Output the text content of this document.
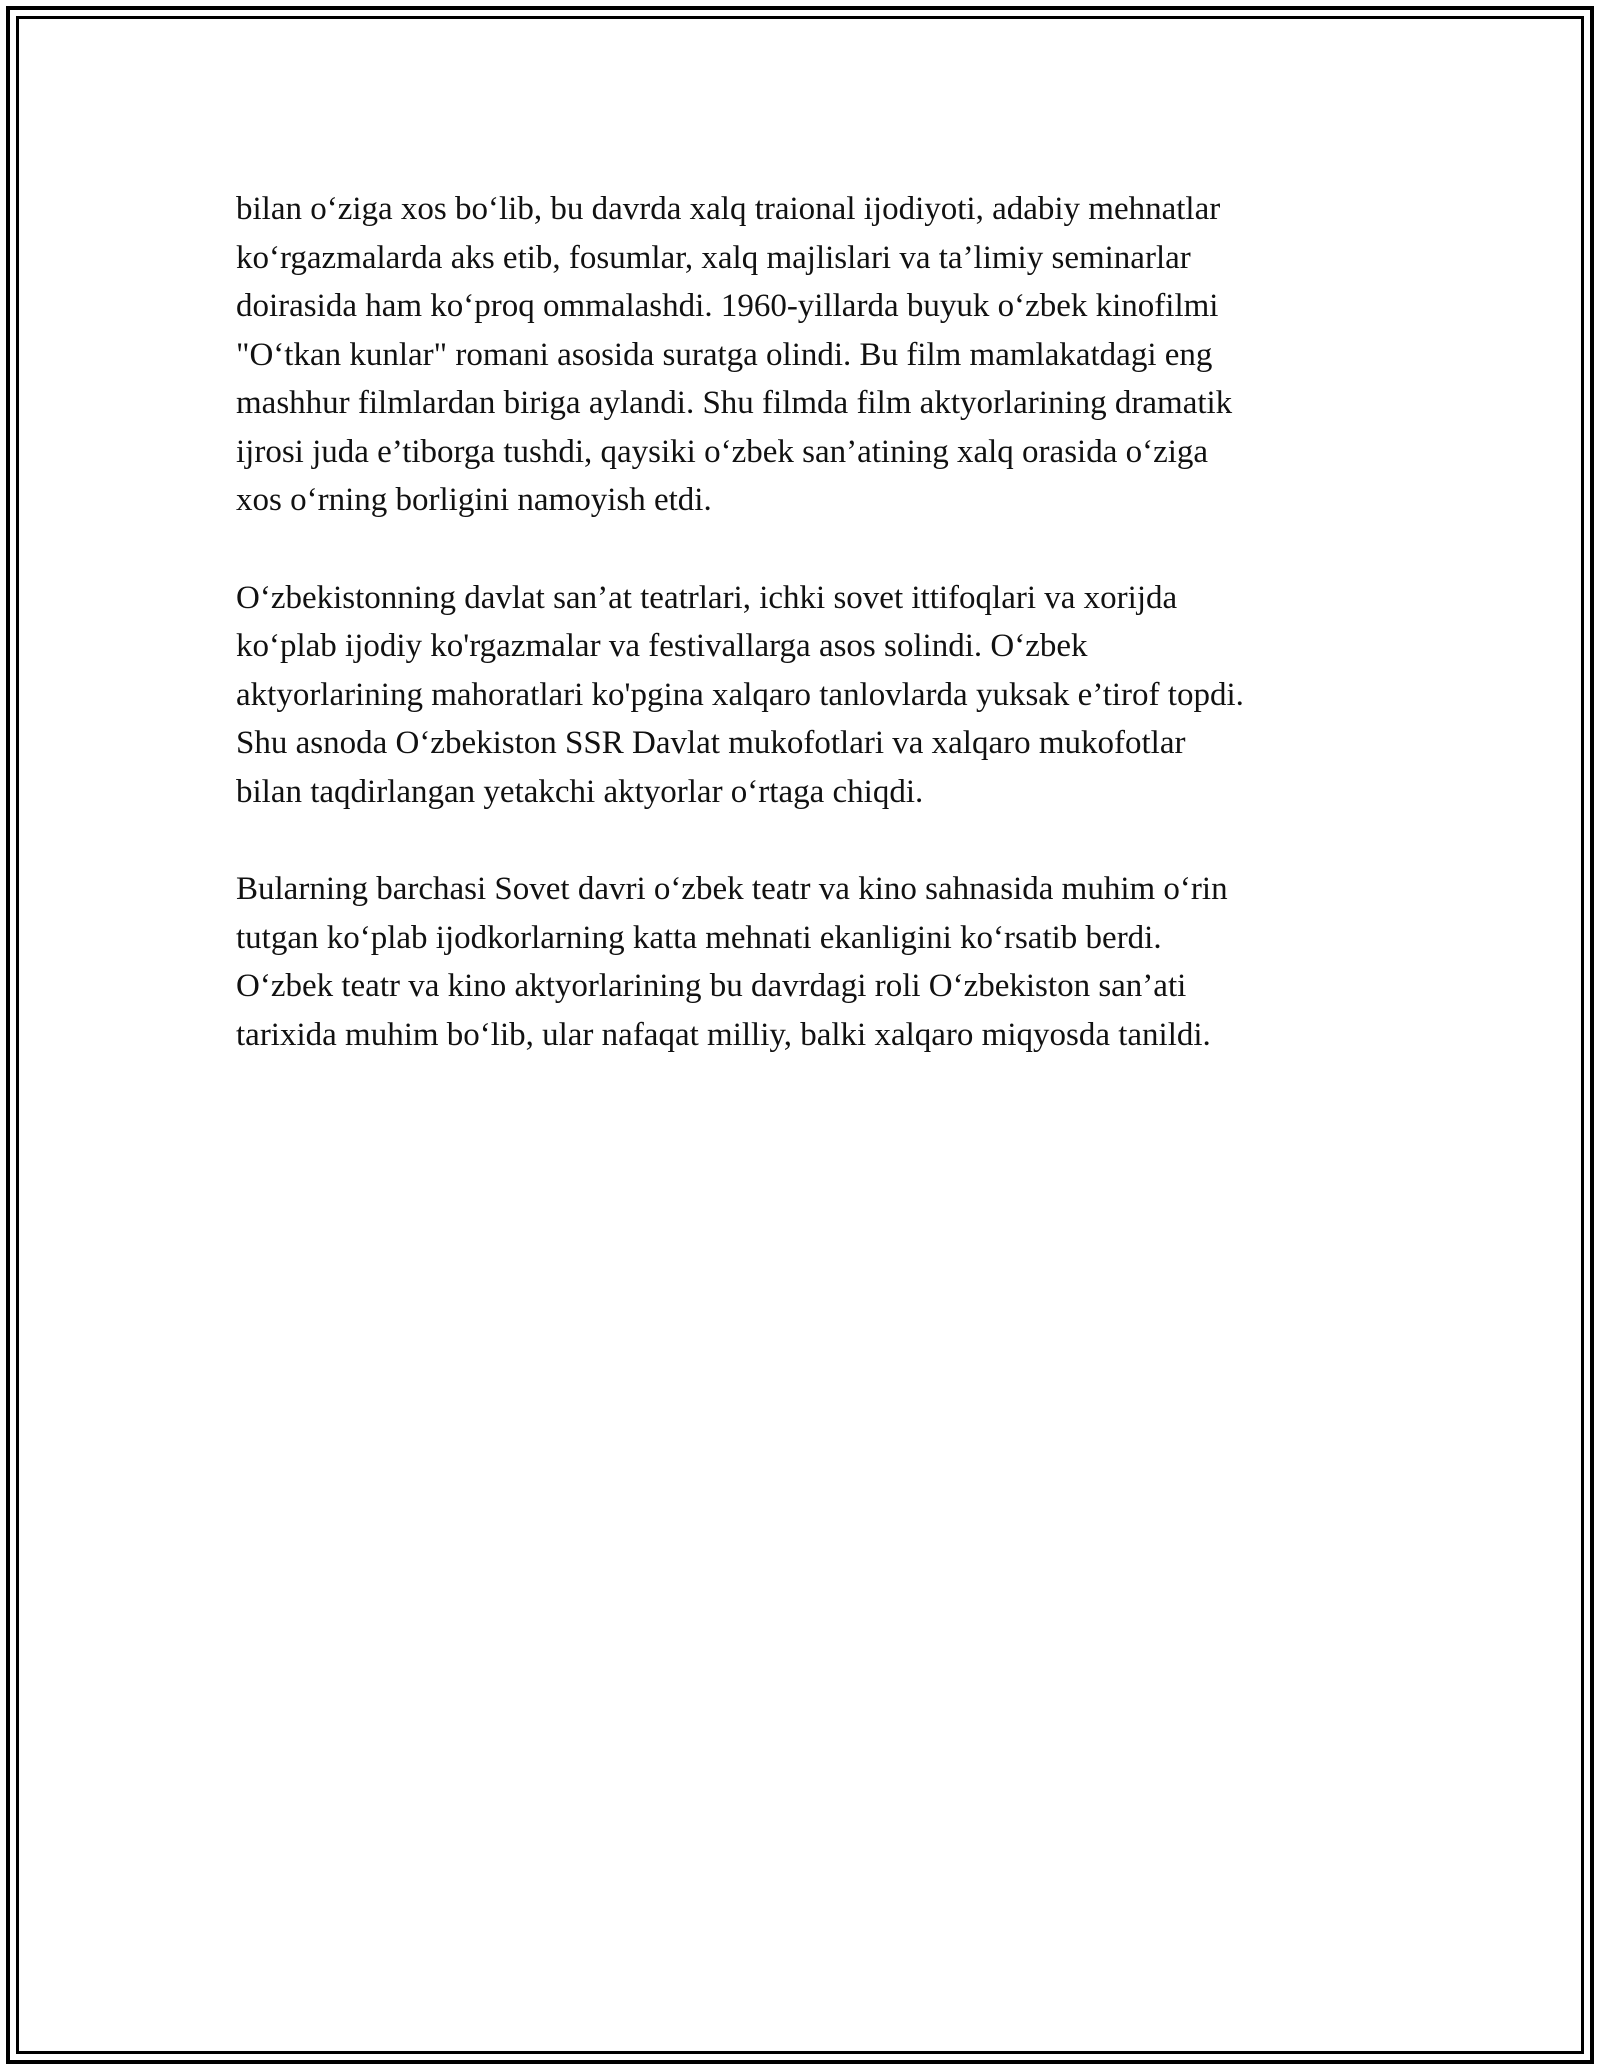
bilan o‘ziga xos bo‘lib, bu davrda xalq traional ijodiyoti, adabiy mehnatlar
ko‘rgazmalarda aks etib, fosumlar, xalq majlislari va ta’limiy seminarlar
doirasida ham ko‘proq ommalashdi. 1960-yillarda buyuk o‘zbek kinofilmi
"O‘tkan kunlar" romani asosida suratga olindi. Bu film mamlakatdagi eng
mashhur filmlardan biriga aylandi. Shu filmda film aktyorlarining dramatik
ijrosi juda e’tiborga tushdi, qaysiki o‘zbek san’atining xalq orasida o‘ziga
xos o‘rning borligini namoyish etdi.

O‘zbekistonning davlat san’at teatrlari, ichki sovet ittifoqlari va xorijda
ko‘plab ijodiy ko'rgazmalar va festivallarga asos solindi. O‘zbek
aktyorlarining mahoratlari ko'pgina xalqaro tanlovlarda yuksak e’tirof topdi.
Shu asnoda O‘zbekiston SSR Davlat mukofotlari va xalqaro mukofotlar
bilan taqdirlangan yetakchi aktyorlar o‘rtaga chiqdi.

Bularning barchasi Sovet davri o‘zbek teatr va kino sahnasida muhim o‘rin
tutgan ko‘plab ijodkorlarning katta mehnati ekanligini ko‘rsatib berdi.
O‘zbek teatr va kino aktyorlarining bu davrdagi roli O‘zbekiston san’ati
tarixida muhim bo‘lib, ular nafaqat milliy, balki xalqaro miqyosda tanildi.
